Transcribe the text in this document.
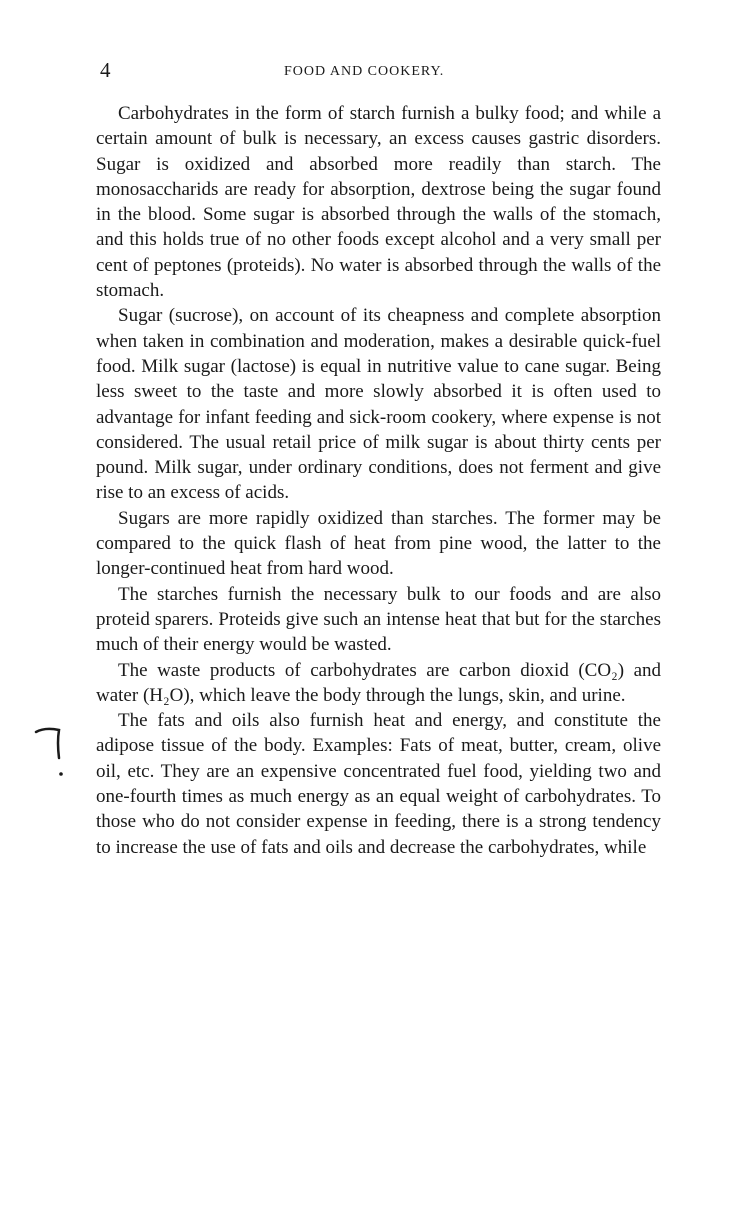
4	FOOD AND COOKERY.

Carbohydrates in the form of starch furnish a bulky food; and while a certain amount of bulk is necessary, an excess causes gastric disorders. Sugar is oxidized and absorbed more readily than starch. The monosaccharids are ready for absorption, dextrose being the sugar found in the blood. Some sugar is absorbed through the walls of the stomach, and this holds true of no other foods except alcohol and a very small per cent of peptones (proteids). No water is absorbed through the walls of the stomach.

Sugar (sucrose), on account of its cheapness and complete absorption when taken in combination and moderation, makes a desirable quick-fuel food. Milk sugar (lactose) is equal in nutritive value to cane sugar. Being less sweet to the taste and more slowly absorbed it is often used to advantage for infant feeding and sick-room cookery, where expense is not considered. The usual retail price of milk sugar is about thirty cents per pound. Milk sugar, under ordinary conditions, does not ferment and give rise to an excess of acids.

Sugars are more rapidly oxidized than starches. The former may be compared to the quick flash of heat from pine wood, the latter to the longer-continued heat from hard wood.

The starches furnish the necessary bulk to our foods and are also proteid sparers. Proteids give such an intense heat that but for the starches much of their energy would be wasted.

The waste products of carbohydrates are carbon dioxid (CO₂) and water (H₂O), which leave the body through the lungs, skin, and urine.

The fats and oils also furnish heat and energy, and constitute the adipose tissue of the body. Examples: Fats of meat, butter, cream, olive oil, etc. They are an expensive concentrated fuel food, yielding two and one-fourth times as much energy as an equal weight of carbohydrates. To those who do not consider expense in feeding, there is a strong tendency to increase the use of fats and oils and decrease the carbohydrates, while
